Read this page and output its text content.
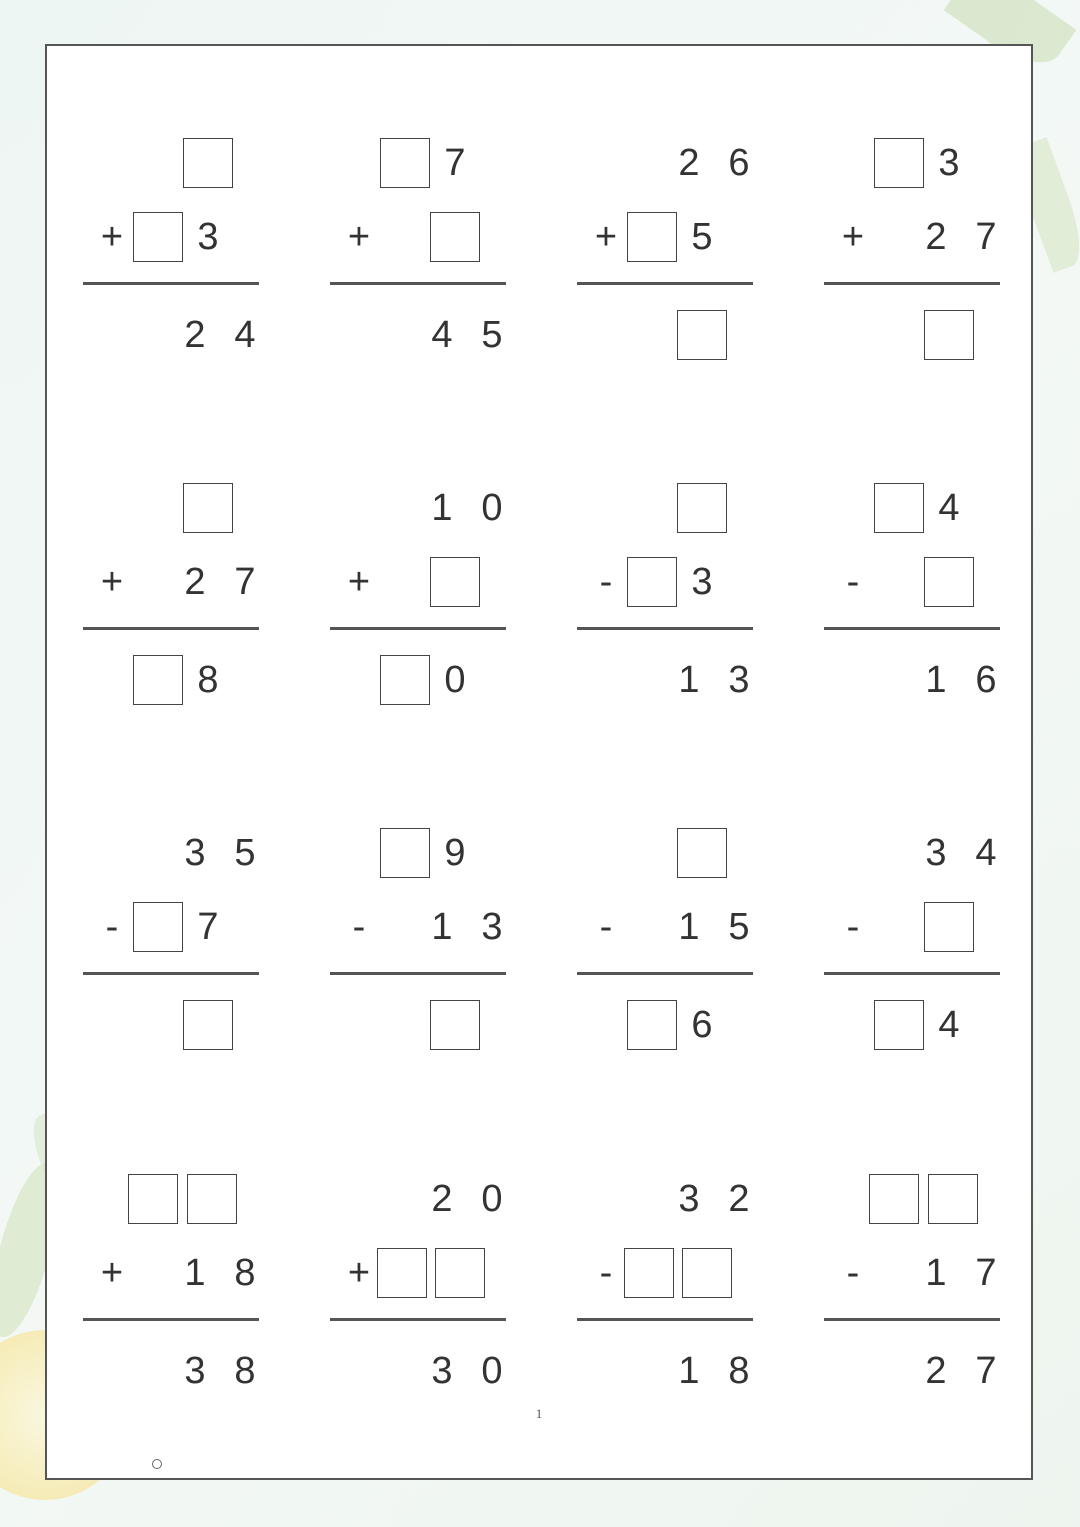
1
+	3
2 4
7
+
4 5
2 6
+	5
3
+	2 7
+	2 7
8
1 0
+
0
-	3
1 3
4
-
1 6
3 5
-	7
9
-	1 3	-	1 5
6
3 4
-
4
+	1 8
3 8
2 0
+
3 0
3 2
-
1 8
-	1 7
2 7
